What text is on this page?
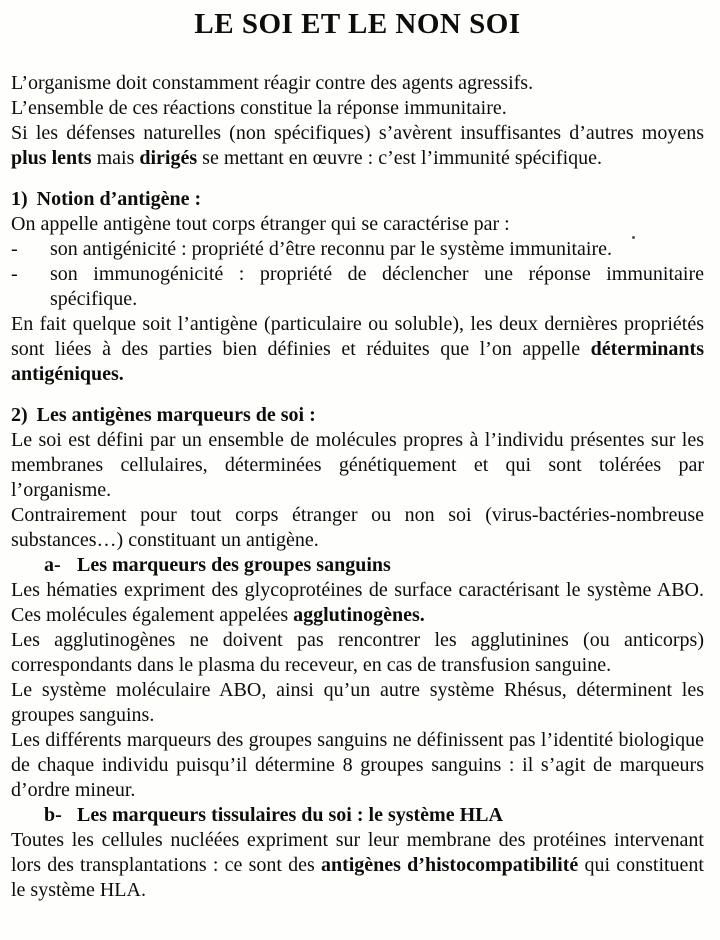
LE SOI ET LE NON SOI

L’organisme doit constamment réagir contre des agents agressifs.

L’ensemble de ces réactions constitue la réponse immunitaire.

Si les défenses naturelles (non spécifiques) s’avèrent insuffisantes d’autres moyens plus lents mais dirigés se mettant en œuvre : c’est l’immunité spécifique.

1) Notion d’antigène :

On appelle antigène tout corps étranger qui se caractérise par :

- son antigénicité : propriété d’être reconnu par le système immunitaire.
- son immunogénicité : propriété de déclencher une réponse immunitaire spécifique.

En fait quelque soit l’antigène (particulaire ou soluble), les deux dernières propriétés sont liées à des parties bien définies et réduites que l’on appelle déterminants antigéniques.

2) Les antigènes marqueurs de soi :

Le soi est défini par un ensemble de molécules propres à l’individu présentes sur les membranes cellulaires, déterminées génétiquement et qui sont tolérées par l’organisme.

Contrairement pour tout corps étranger ou non soi (virus-bactéries-nombreuse substances…) constituant un antigène.

a- Les marqueurs des groupes sanguins

Les hématies expriment des glycoprotéines de surface caractérisant le système ABO. Ces molécules également appelées agglutinogènes.

Les agglutinogènes ne doivent pas rencontrer les agglutinines (ou anticorps) correspondants dans le plasma du receveur, en cas de transfusion sanguine.

Le système moléculaire ABO, ainsi qu’un autre système Rhésus, déterminent les groupes sanguins.

Les différents marqueurs des groupes sanguins ne définissent pas l’identité biologique de chaque individu puisqu’il détermine 8 groupes sanguins : il s’agit de marqueurs d’ordre mineur.

b- Les marqueurs tissulaires du soi : le système HLA

Toutes les cellules nucléées expriment sur leur membrane des protéines intervenant lors des transplantations : ce sont des antigènes d’histocompatibilité qui constituent le système HLA.
